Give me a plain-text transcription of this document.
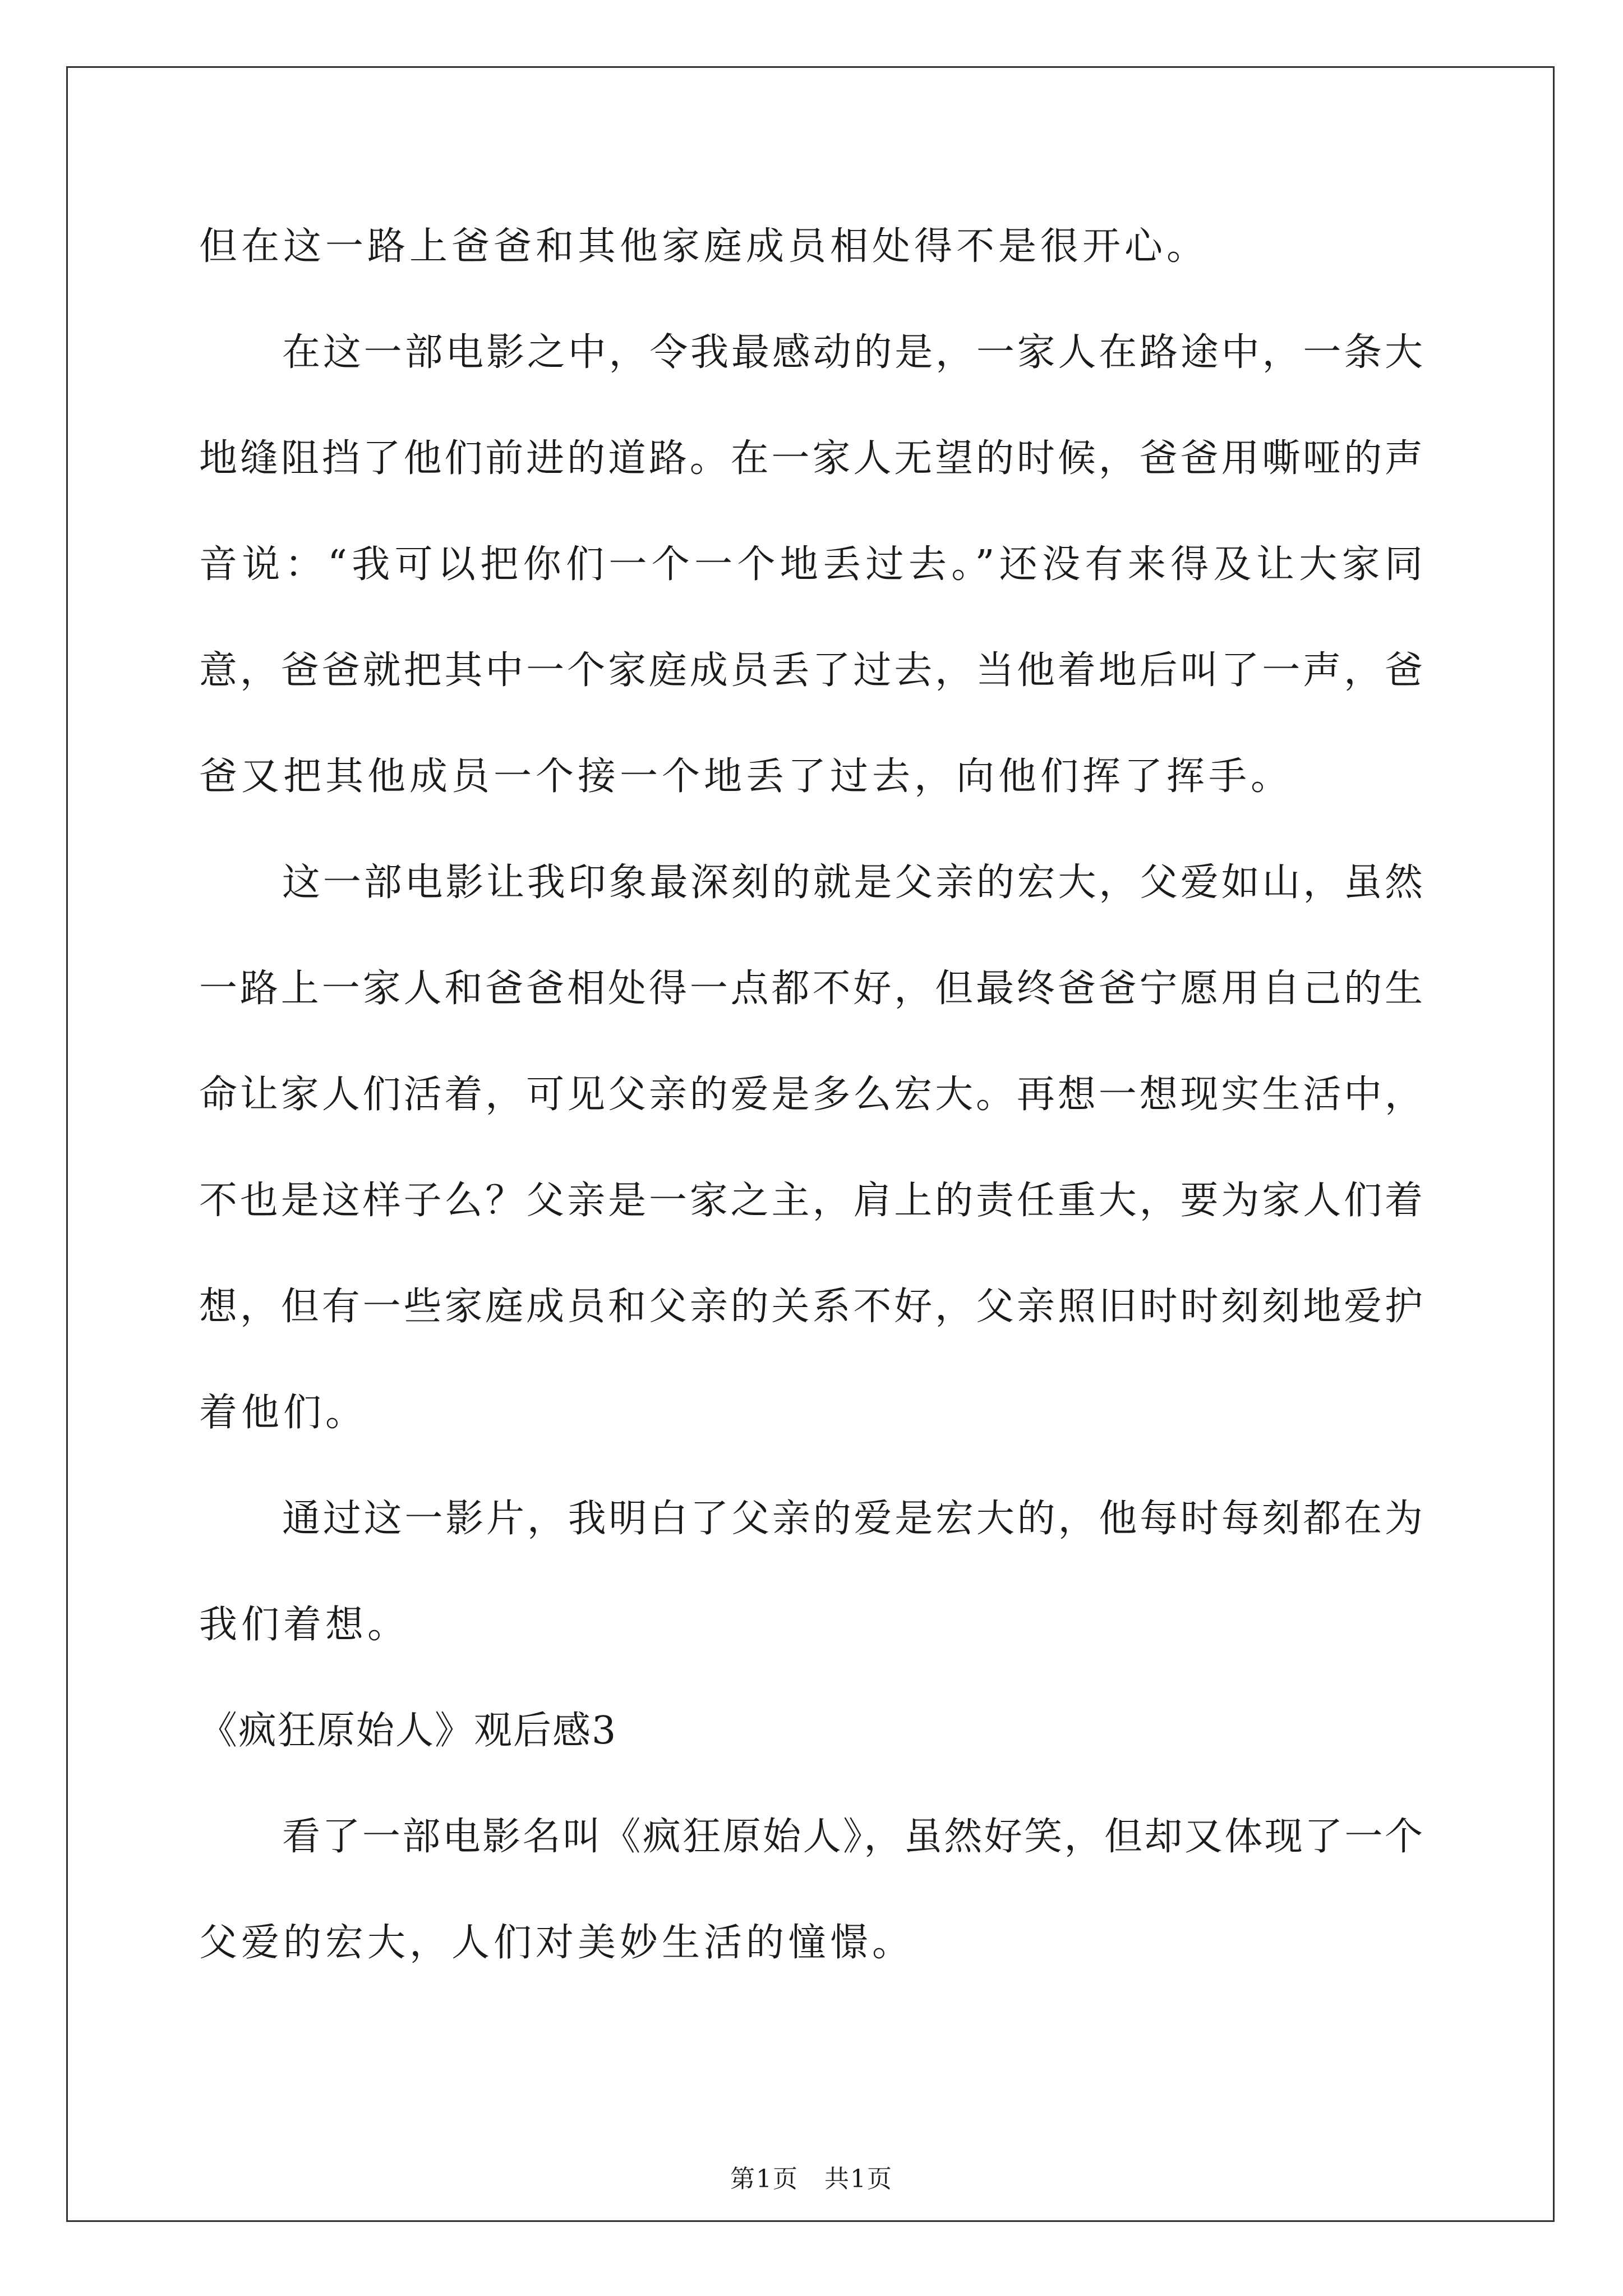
但在这一路上爸爸和其他家庭成员相处得不是很开心。
在这一部电影之中，令我最感动的是，一家人在路途中，一条大
地缝阻挡了他们前进的道路。在一家人无望的时候，爸爸用嘶哑的声
音说：“我可以把你们一个一个地丢过去。”还没有来得及让大家同
意，爸爸就把其中一个家庭成员丢了过去，当他着地后叫了一声，爸
爸又把其他成员一个接一个地丢了过去，向他们挥了挥手。
这一部电影让我印象最深刻的就是父亲的宏大，父爱如山，虽然
一路上一家人和爸爸相处得一点都不好，但最终爸爸宁愿用自己的生
命让家人们活着，可见父亲的爱是多么宏大。再想一想现实生活中，
不也是这样子么？父亲是一家之主，肩上的责任重大，要为家人们着
想，但有一些家庭成员和父亲的关系不好，父亲照旧时时刻刻地爱护
着他们。
通过这一影片，我明白了父亲的爱是宏大的，他每时每刻都在为
我们着想。
《疯狂原始人》观后感3
看了一部电影名叫《疯狂原始人》，虽然好笑，但却又体现了一个
父爱的宏大，人们对美妙生活的憧憬。
第1页　共1页
